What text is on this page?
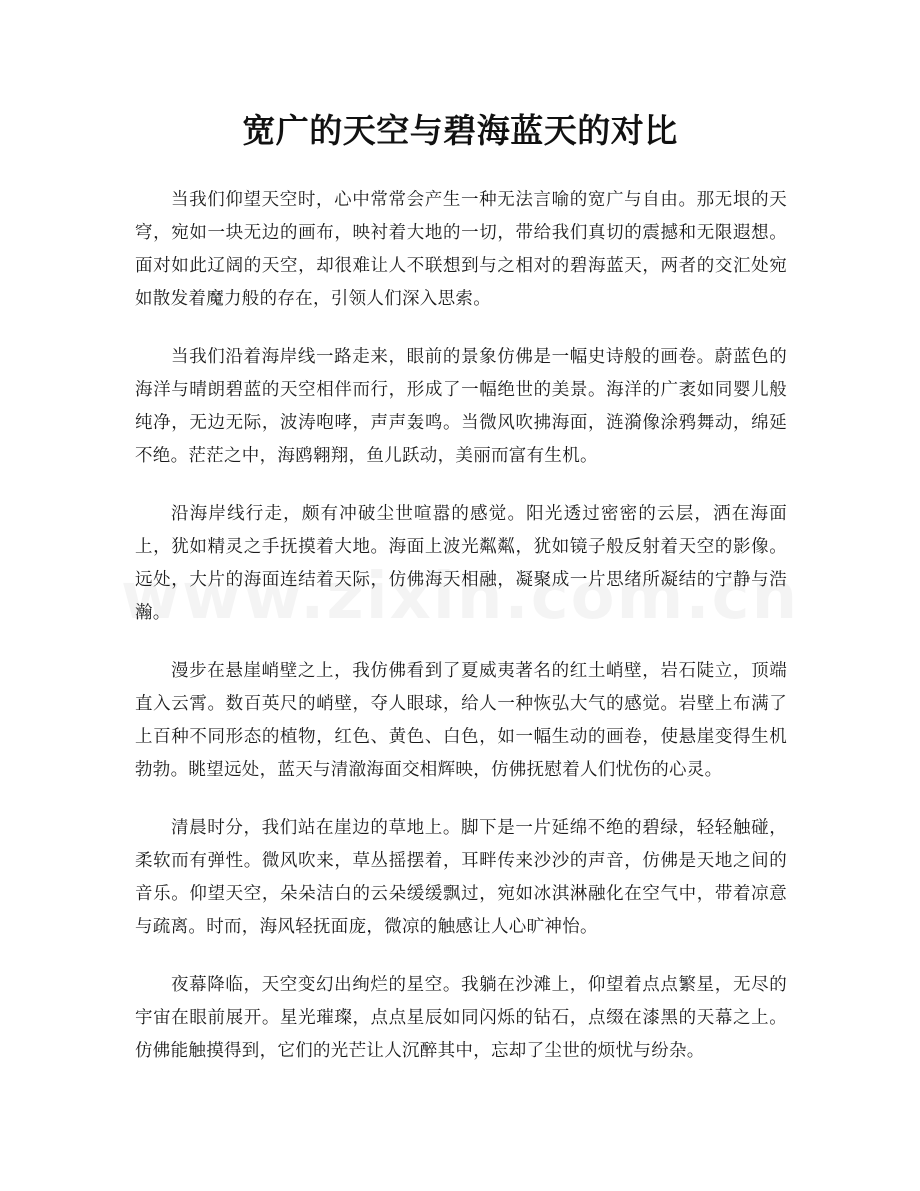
宽广的天空与碧海蓝天的对比

当我们仰望天空时，心中常常会产生一种无法言喻的宽广与自由。那无垠的天穹，宛如一块无边的画布，映衬着大地的一切，带给我们真切的震撼和无限遐想。面对如此辽阔的天空，却很难让人不联想到与之相对的碧海蓝天，两者的交汇处宛如散发着魔力般的存在，引领人们深入思索。

当我们沿着海岸线一路走来，眼前的景象仿佛是一幅史诗般的画卷。蔚蓝色的海洋与晴朗碧蓝的天空相伴而行，形成了一幅绝世的美景。海洋的广袤如同婴儿般纯净，无边无际，波涛咆哮，声声轰鸣。当微风吹拂海面，涟漪像涂鸦舞动，绵延不绝。茫茫之中，海鸥翱翔，鱼儿跃动，美丽而富有生机。

沿海岸线行走，颇有冲破尘世喧嚣的感觉。阳光透过密密的云层，洒在海面上，犹如精灵之手抚摸着大地。海面上波光粼粼，犹如镜子般反射着天空的影像。远处，大片的海面连结着天际，仿佛海天相融，凝聚成一片思绪所凝结的宁静与浩瀚。

漫步在悬崖峭壁之上，我仿佛看到了夏威夷著名的红土峭壁，岩石陡立，顶端直入云霄。数百英尺的峭壁，夺人眼球，给人一种恢弘大气的感觉。岩壁上布满了上百种不同形态的植物，红色、黄色、白色，如一幅生动的画卷，使悬崖变得生机勃勃。眺望远处，蓝天与清澈海面交相辉映，仿佛抚慰着人们忧伤的心灵。

清晨时分，我们站在崖边的草地上。脚下是一片延绵不绝的碧绿，轻轻触碰，柔软而有弹性。微风吹来，草丛摇摆着，耳畔传来沙沙的声音，仿佛是天地之间的音乐。仰望天空，朵朵洁白的云朵缓缓飘过，宛如冰淇淋融化在空气中，带着凉意与疏离。时而，海风轻抚面庞，微凉的触感让人心旷神怡。

夜幕降临，天空变幻出绚烂的星空。我躺在沙滩上，仰望着点点繁星，无尽的宇宙在眼前展开。星光璀璨，点点星辰如同闪烁的钻石，点缀在漆黑的天幕之上。仿佛能触摸得到，它们的光芒让人沉醉其中，忘却了尘世的烦忧与纷杂。
